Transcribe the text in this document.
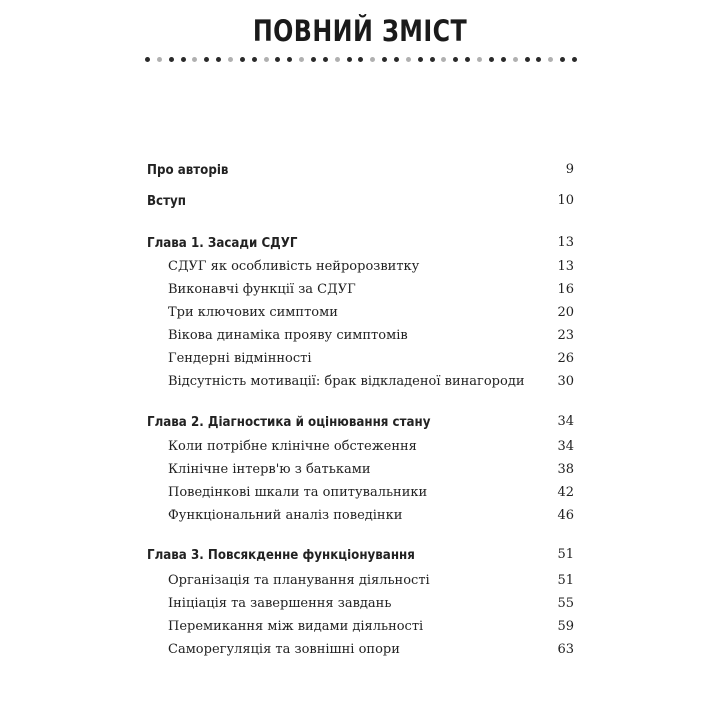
ПОВНИЙ ЗМІСТ
Про авторів	9
Вступ	10
Глава 1. Засади СДУГ	13
СДУГ як особливість нейророзвитку	13
Виконавчі функції за СДУГ	16
Три ключових симптоми	20
Вікова динаміка прояву симптомів	23
Гендерні відмінності	26
Відсутність мотивації: брак відкладеної винагороди	30
Глава 2. Діагностика й оцінювання стану	34
Коли потрібне клінічне обстеження	34
Клінічне інтерв'ю з батьками	38
Поведінкові шкали та опитувальники	42
Функціональний аналіз поведінки	46
Глава 3. Повсякденне функціонування	51
Організація та планування діяльності	51
Ініціація та завершення завдань	55
Перемикання між видами діяльності	59
Саморегуляція та зовнішні опори	63
